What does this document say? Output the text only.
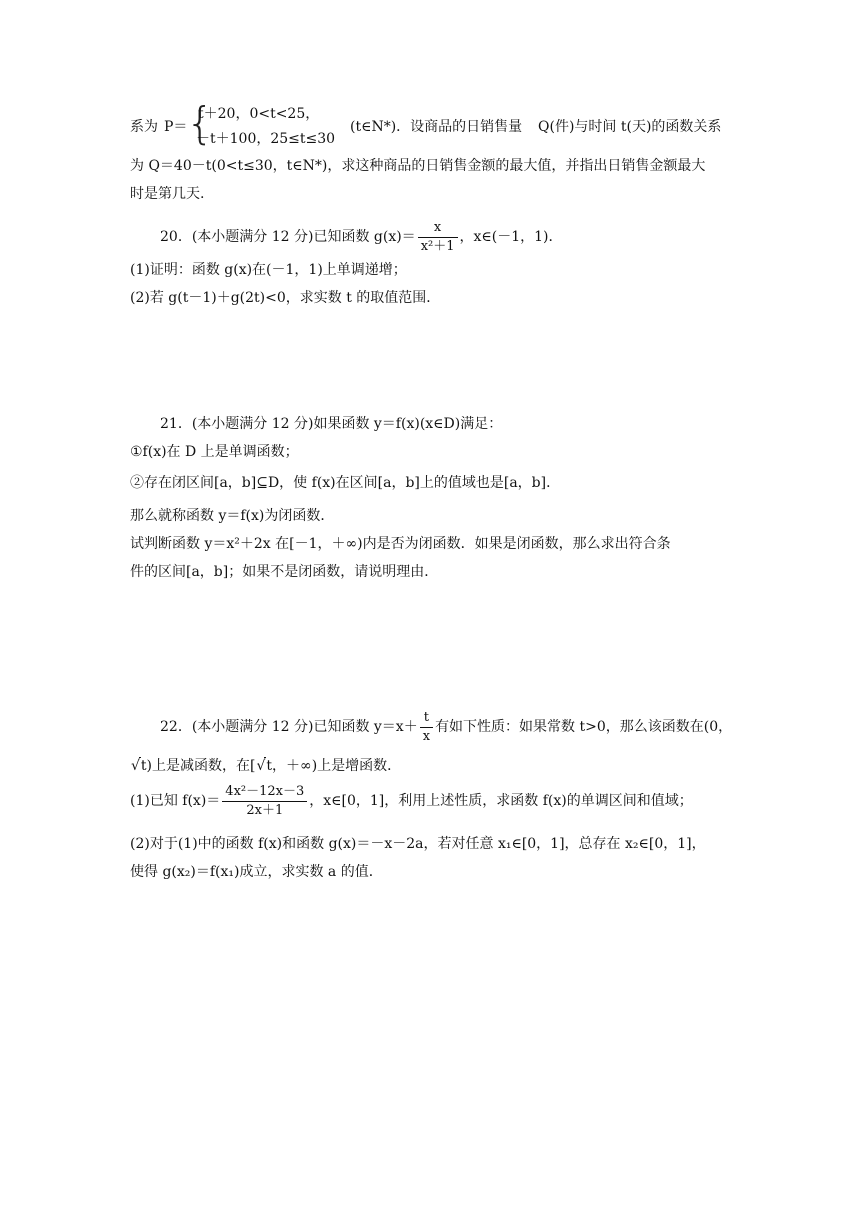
系为 P＝
{
t＋20，0<t<25，
－t＋100，25≤t≤30
(t∈N*)．设商品的日销售量 Q(件)与时间 t(天)的函数关系
为 Q＝40－t(0<t≤30，t∈N*)，求这种商品的日销售金额的最大值，并指出日销售金额最大
时是第几天.
20．(本小题满分 12 分)已知函数 $g(x)= \frac{x}{\text{x²＋1}}$ ，x∈(－1，1)．
(1)证明：函数 g(x)在(－1，1)上单调递增；
(2)若 g(t－1)＋g(2t)<0，求实数 t 的取值范围．
21．(本小题满分 12 分)如果函数 y＝f(x)(x∈D)满足：
①f(x)在 D 上是单调函数；
②存在闭区间[a，b]⊆D，使 f(x)在区间[a，b]上的值域也是[a，b]．
那么就称函数 y＝f(x)为闭函数．
试判断函数 y＝x²＋2x 在[－1，＋∞)内是否为闭函数．如果是闭函数，那么求出符合条
件的区间[a，b]；如果不是闭函数，请说明理由．
22．(本小题满分 12 分)已知函数 $y=x+ \frac{t}{x}$ 有如下性质：如果常数 t>0，那么该函数在(0，
√t)上是减函数，在[√ t，＋∞)上是增函数．
(1)已知 $f(x)= \frac{\text{4x²－12x－3}}{2x+1}$ ，x∈[0，1]，利用上述性质，求函数 f(x)的单调区间和值域；
(2)对于(1)中的函数 f(x)和函数 g(x)＝－x－2a，若对任意 x₁∈[0，1]，总存在 x₂∈[0，1]，
使得 g(x₂)＝f(x₁)成立，求实数 a 的值．
